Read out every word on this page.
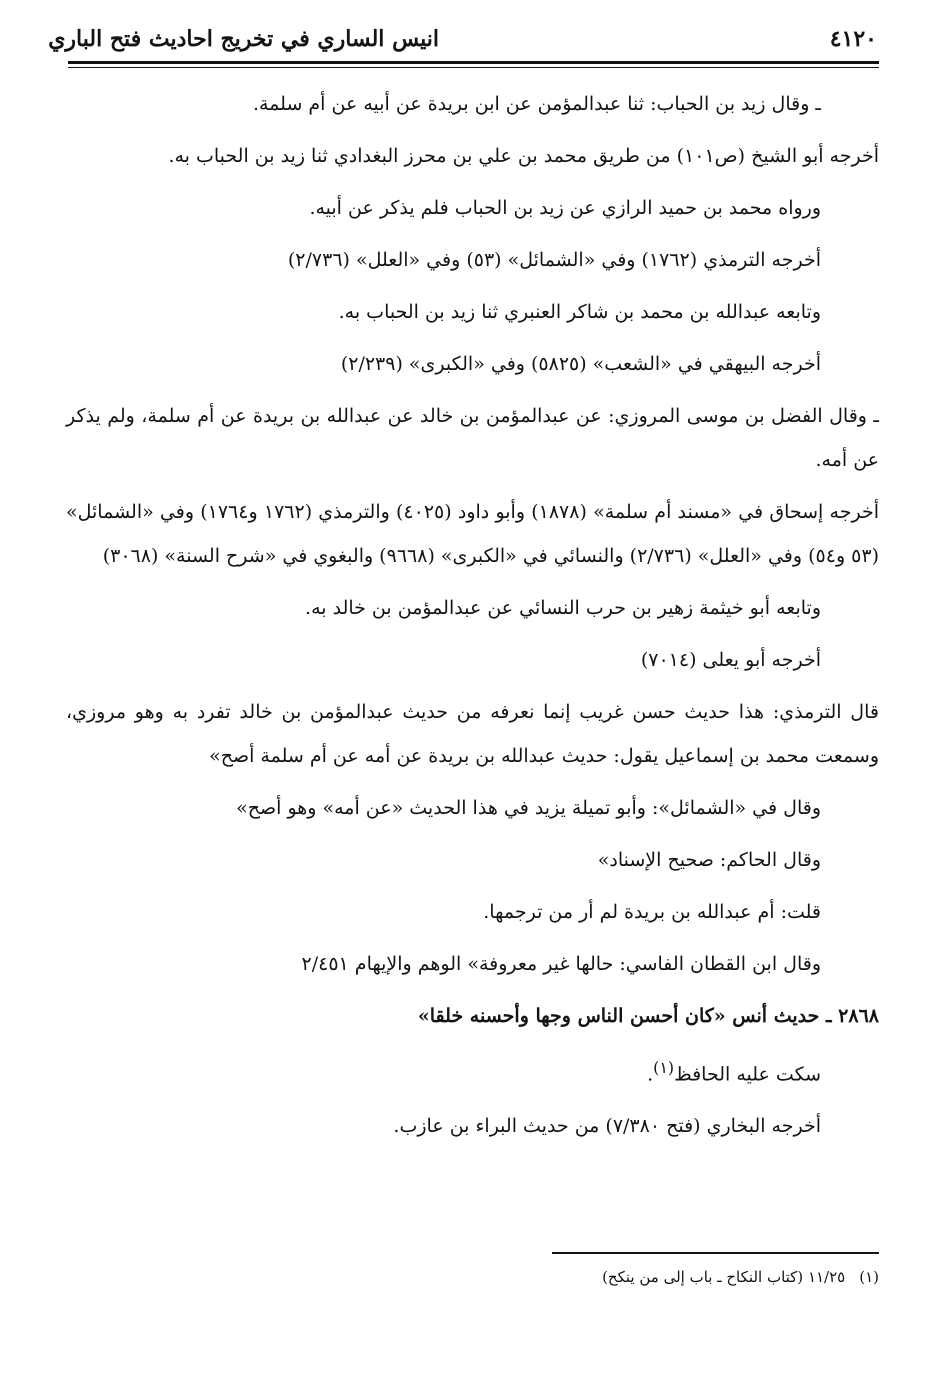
٤١٢٠
انيس الساري في تخريج احاديث فتح الباري

ـ وقال زيد بن الحباب: ثنا عبدالمؤمن عن ابن بريدة عن أبيه عن أم سلمة.

أخرجه أبو الشيخ (ص١٠١) من طريق محمد بن علي بن محرز البغدادي ثنا زيد بن الحباب به.

ورواه محمد بن حميد الرازي عن زيد بن الحباب فلم يذكر عن أبيه.

أخرجه الترمذي (١٧٦٢) وفي «الشمائل» (٥٣) وفي «العلل» (٢/٧٣٦)

وتابعه عبدالله بن محمد بن شاكر العنبري ثنا زيد بن الحباب به.

أخرجه البيهقي في «الشعب» (٥٨٢٥) وفي «الكبرى» (٢/٢٣٩)

ـ وقال الفضل بن موسى المروزي: عن عبدالمؤمن بن خالد عن عبدالله بن بريدة عن أم سلمة، ولم يذكر عن أمه.

أخرجه إسحاق في «مسند أم سلمة» (١٨٧٨) وأبو داود (٤٠٢٥) والترمذي (١٧٦٢ و١٧٦٤) وفي «الشمائل» (٥٣ و٥٤) وفي «العلل» (٢/٧٣٦) والنسائي في «الكبرى» (٩٦٦٨) والبغوي في «شرح السنة» (٣٠٦٨)

وتابعه أبو خيثمة زهير بن حرب النسائي عن عبدالمؤمن بن خالد به.

أخرجه أبو يعلى (٧٠١٤)

قال الترمذي: هذا حديث حسن غريب إنما نعرفه من حديث عبدالمؤمن بن خالد تفرد به وهو مروزي، وسمعت محمد بن إسماعيل يقول: حديث عبدالله بن بريدة عن أمه عن أم سلمة أصح»

وقال في «الشمائل»: وأبو تميلة يزيد في هذا الحديث «عن أمه» وهو أصح»

وقال الحاكم: صحيح الإسناد»

قلت: أم عبدالله بن بريدة لم أر من ترجمها.

وقال ابن القطان الفاسي: حالها غير معروفة» الوهم والإيهام ٢/٤٥١

٢٨٦٨ ـ حديث أنس «كان أحسن الناس وجها وأحسنه خلقا»

سكت عليه الحافظ$^{(١)}$.

أخرجه البخاري (فتح ٧/٣٨٠) من حديث البراء بن عازب.

(١)١١/٢٥ (كتاب النكاح ـ باب إلى من ينكح)
